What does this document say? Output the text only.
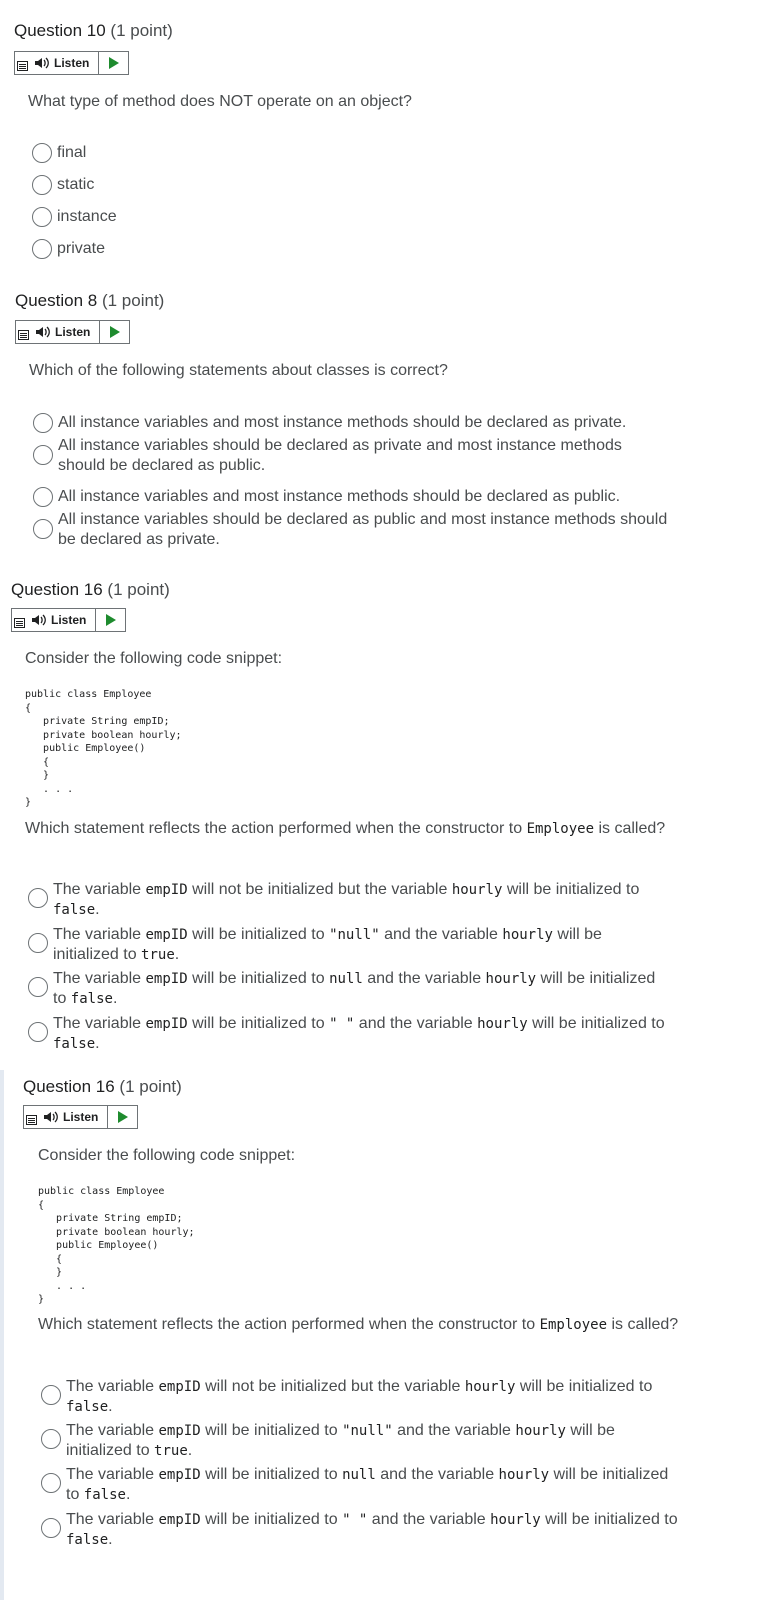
Question 10 (1 point)
Listen
What type of method does NOT operate on an object?
final
static
instance
private
Question 8 (1 point)
Listen
Which of the following statements about classes is correct?
All instance variables and most instance methods should be declared as private.
All instance variables should be declared as private and most instance methods should be declared as public.
All instance variables and most instance methods should be declared as public.
All instance variables should be declared as public and most instance methods should be declared as private.
Question 16 (1 point)
Listen
Consider the following code snippet:
public class Employee
{
private String empID;
private boolean hourly;
public Employee()
{
}
. . .
}
Which statement reflects the action performed when the constructor to Employee is called?
The variable empID will not be initialized but the variable hourly will be initialized to false.
The variable empID will be initialized to "null" and the variable hourly will be initialized to true.
The variable empID will be initialized to null and the variable hourly will be initialized to false.
The variable empID will be initialized to " " and the variable hourly will be initialized to false.
Question 16 (1 point)
Listen
Consider the following code snippet:
public class Employee
{
private String empID;
private boolean hourly;
public Employee()
{
}
. . .
}
Which statement reflects the action performed when the constructor to Employee is called?
The variable empID will not be initialized but the variable hourly will be initialized to false.
The variable empID will be initialized to "null" and the variable hourly will be initialized to true.
The variable empID will be initialized to null and the variable hourly will be initialized to false.
The variable empID will be initialized to " " and the variable hourly will be initialized to false.
